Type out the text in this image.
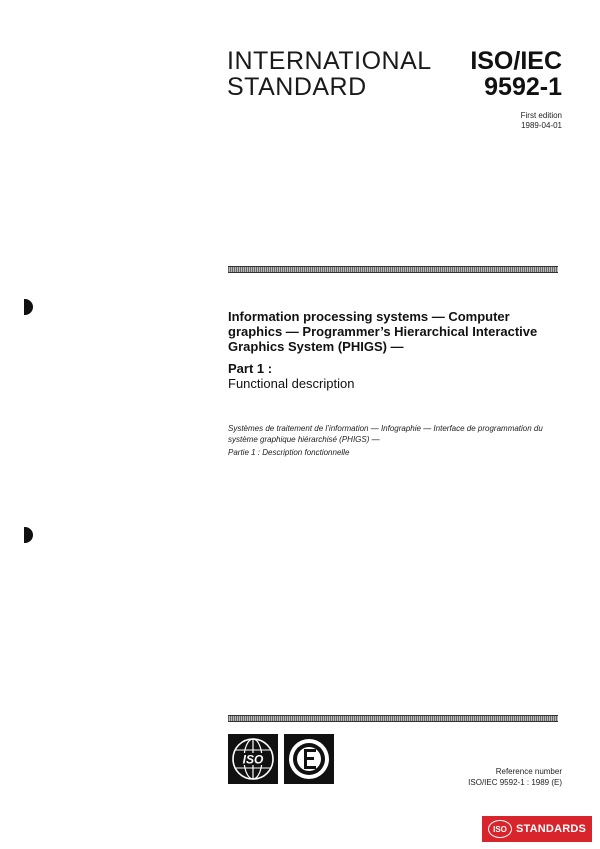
INTERNATIONAL
STANDARD
ISO/IEC
9592-1
First edition
1989-04-01
Information processing systems — Computer graphics — Programmer’s Hierarchical Interactive Graphics System (PHIGS) —
Part 1 :
Functional description
Systèmes de traitement de l’information — Infographie — Interface de programmation du système graphique hiérarchisé (PHIGS) —
Partie 1 : Description fonctionnelle
ISO
IEC
Reference number
ISO/IEC 9592-1 : 1989 (E)
ISO STANDARDS
